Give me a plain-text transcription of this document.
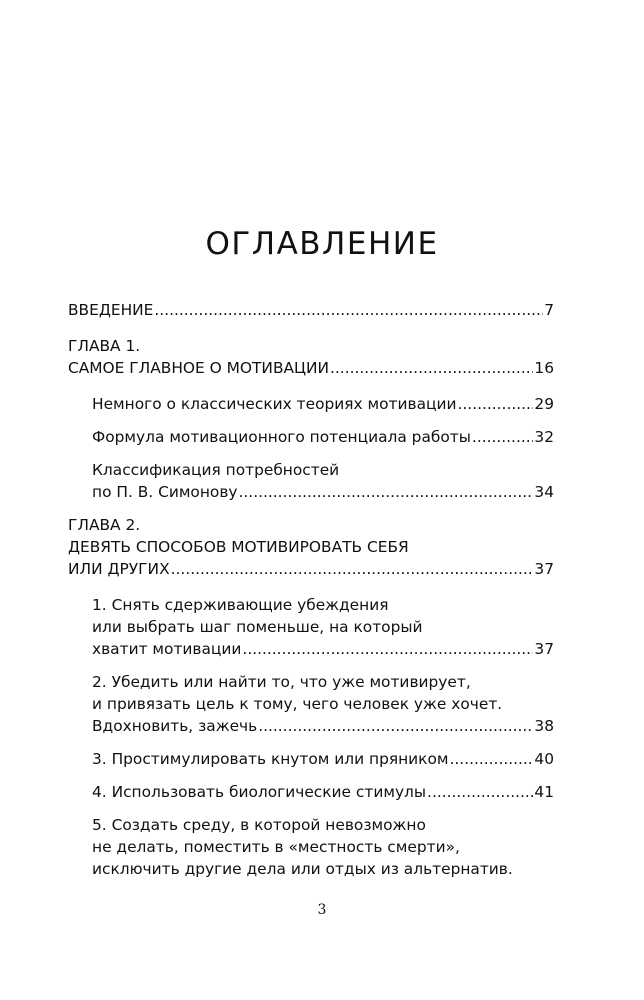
ОГЛАВЛЕНИЕ
ВВЕДЕНИЕ .....	7
ГЛАВА 1.
САМОЕ ГЛАВНОЕ О МОТИВАЦИИ .....	16
Немного о классических теориях мотивации .....	29
Формула мотивационного потенциала работы .....	32
Классификация потребностей
по П. В. Симонову .....	34
ГЛАВА 2.
ДЕВЯТЬ СПОСОБОВ МОТИВИРОВАТЬ СЕБЯ
ИЛИ ДРУГИХ .....	37
1. Снять сдерживающие убеждения
или выбрать шаг поменьше, на который
хватит мотивации .....	37
2. Убедить или найти то, что уже мотивирует,
и привязать цель к тому, чего человек уже хочет.
Вдохновить, зажечь .....	38
3. Простимулировать кнутом или пряником .....	40
4. Использовать биологические стимулы .....	41
5. Создать среду, в которой невозможно
не делать, поместить в «местность смерти»,
исключить другие дела или отдых из альтернатив.
3
